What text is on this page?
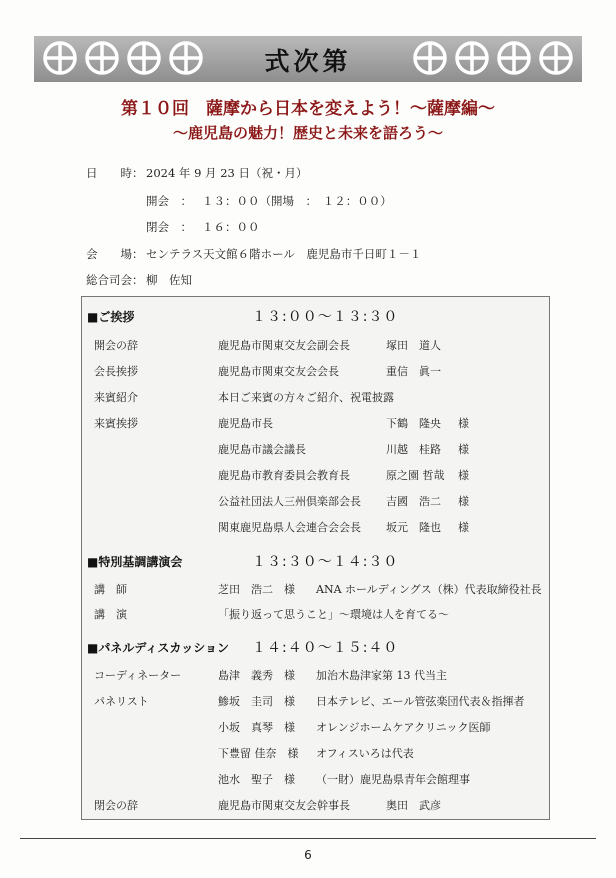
式次第
第１０回　薩摩から日本を変えよう！～薩摩編～
～鹿児島の魅力！歴史と未来を語ろう～
日　　時： 2024 年 9 月 23 日（祝・月）
開会　： １３：００（開場　：　１２：００）
閉会　： １６：００
会　　場： センテラス天文館６階ホール　鹿児島市千日町１－１
総合司会： 柳　佐知
■ご挨拶	１３:００～１３:３０
開会の辞	鹿児島市関東交友会副会長	塚田　道人
会長挨拶	鹿児島市関東交友会会長	重信　眞一
来賓紹介	本日ご来賓の方々ご紹介、祝電披露
来賓挨拶	鹿児島市長	下鶴　隆央 様
鹿児島市議会議長	川越　桂路 様
鹿児島市教育委員会教育長	原之園 哲哉 様
公益社団法人三州倶楽部会長 吉國　浩二 様
関東鹿児島県人会連合会会長 坂元　隆也 様
■特別基調講演会	１３:３０～１４:３０
講　師	芝田　浩二　様 ANA ホールディングス（株）代表取締役社長
講　演	「振り返って思うこと」～環境は人を育てる～
■パネルディスカッション １４:４０～１５:４０
コーディネーター	島津　義秀　様 加治木島津家第 13 代当主
パネリスト	鯵坂　圭司　様 日本テレビ、エール管弦楽団代表＆指揮者
小坂　真琴　様 オレンジホームケアクリニック医師
下豊留 佳奈　様 オフィスいろは代表
池水　聖子　様 （一財）鹿児島県青年会館理事
閉会の辞	鹿児島市関東交友会幹事長	奥田　武彦
6
